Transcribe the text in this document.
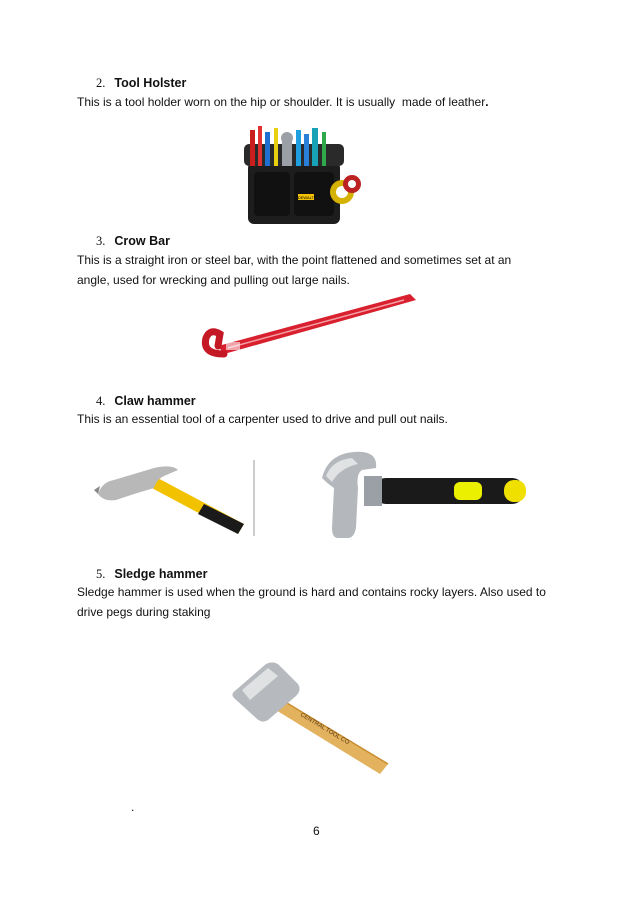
2. Tool Holster
This is a tool holder worn on the hip or shoulder. It is usually  made of leather.
DEWALT
3. Crow Bar
This is a straight iron or steel bar, with the point flattened and sometimes set at an
angle, used for wrecking and pulling out large nails.
4. Claw hammer
This is an essential tool of a carpenter used to drive and pull out nails.
5. Sledge hammer
Sledge hammer is used when the ground is hard and contains rocky layers. Also used to
drive pegs during staking
CENTRAL TOOL CO
.
6
